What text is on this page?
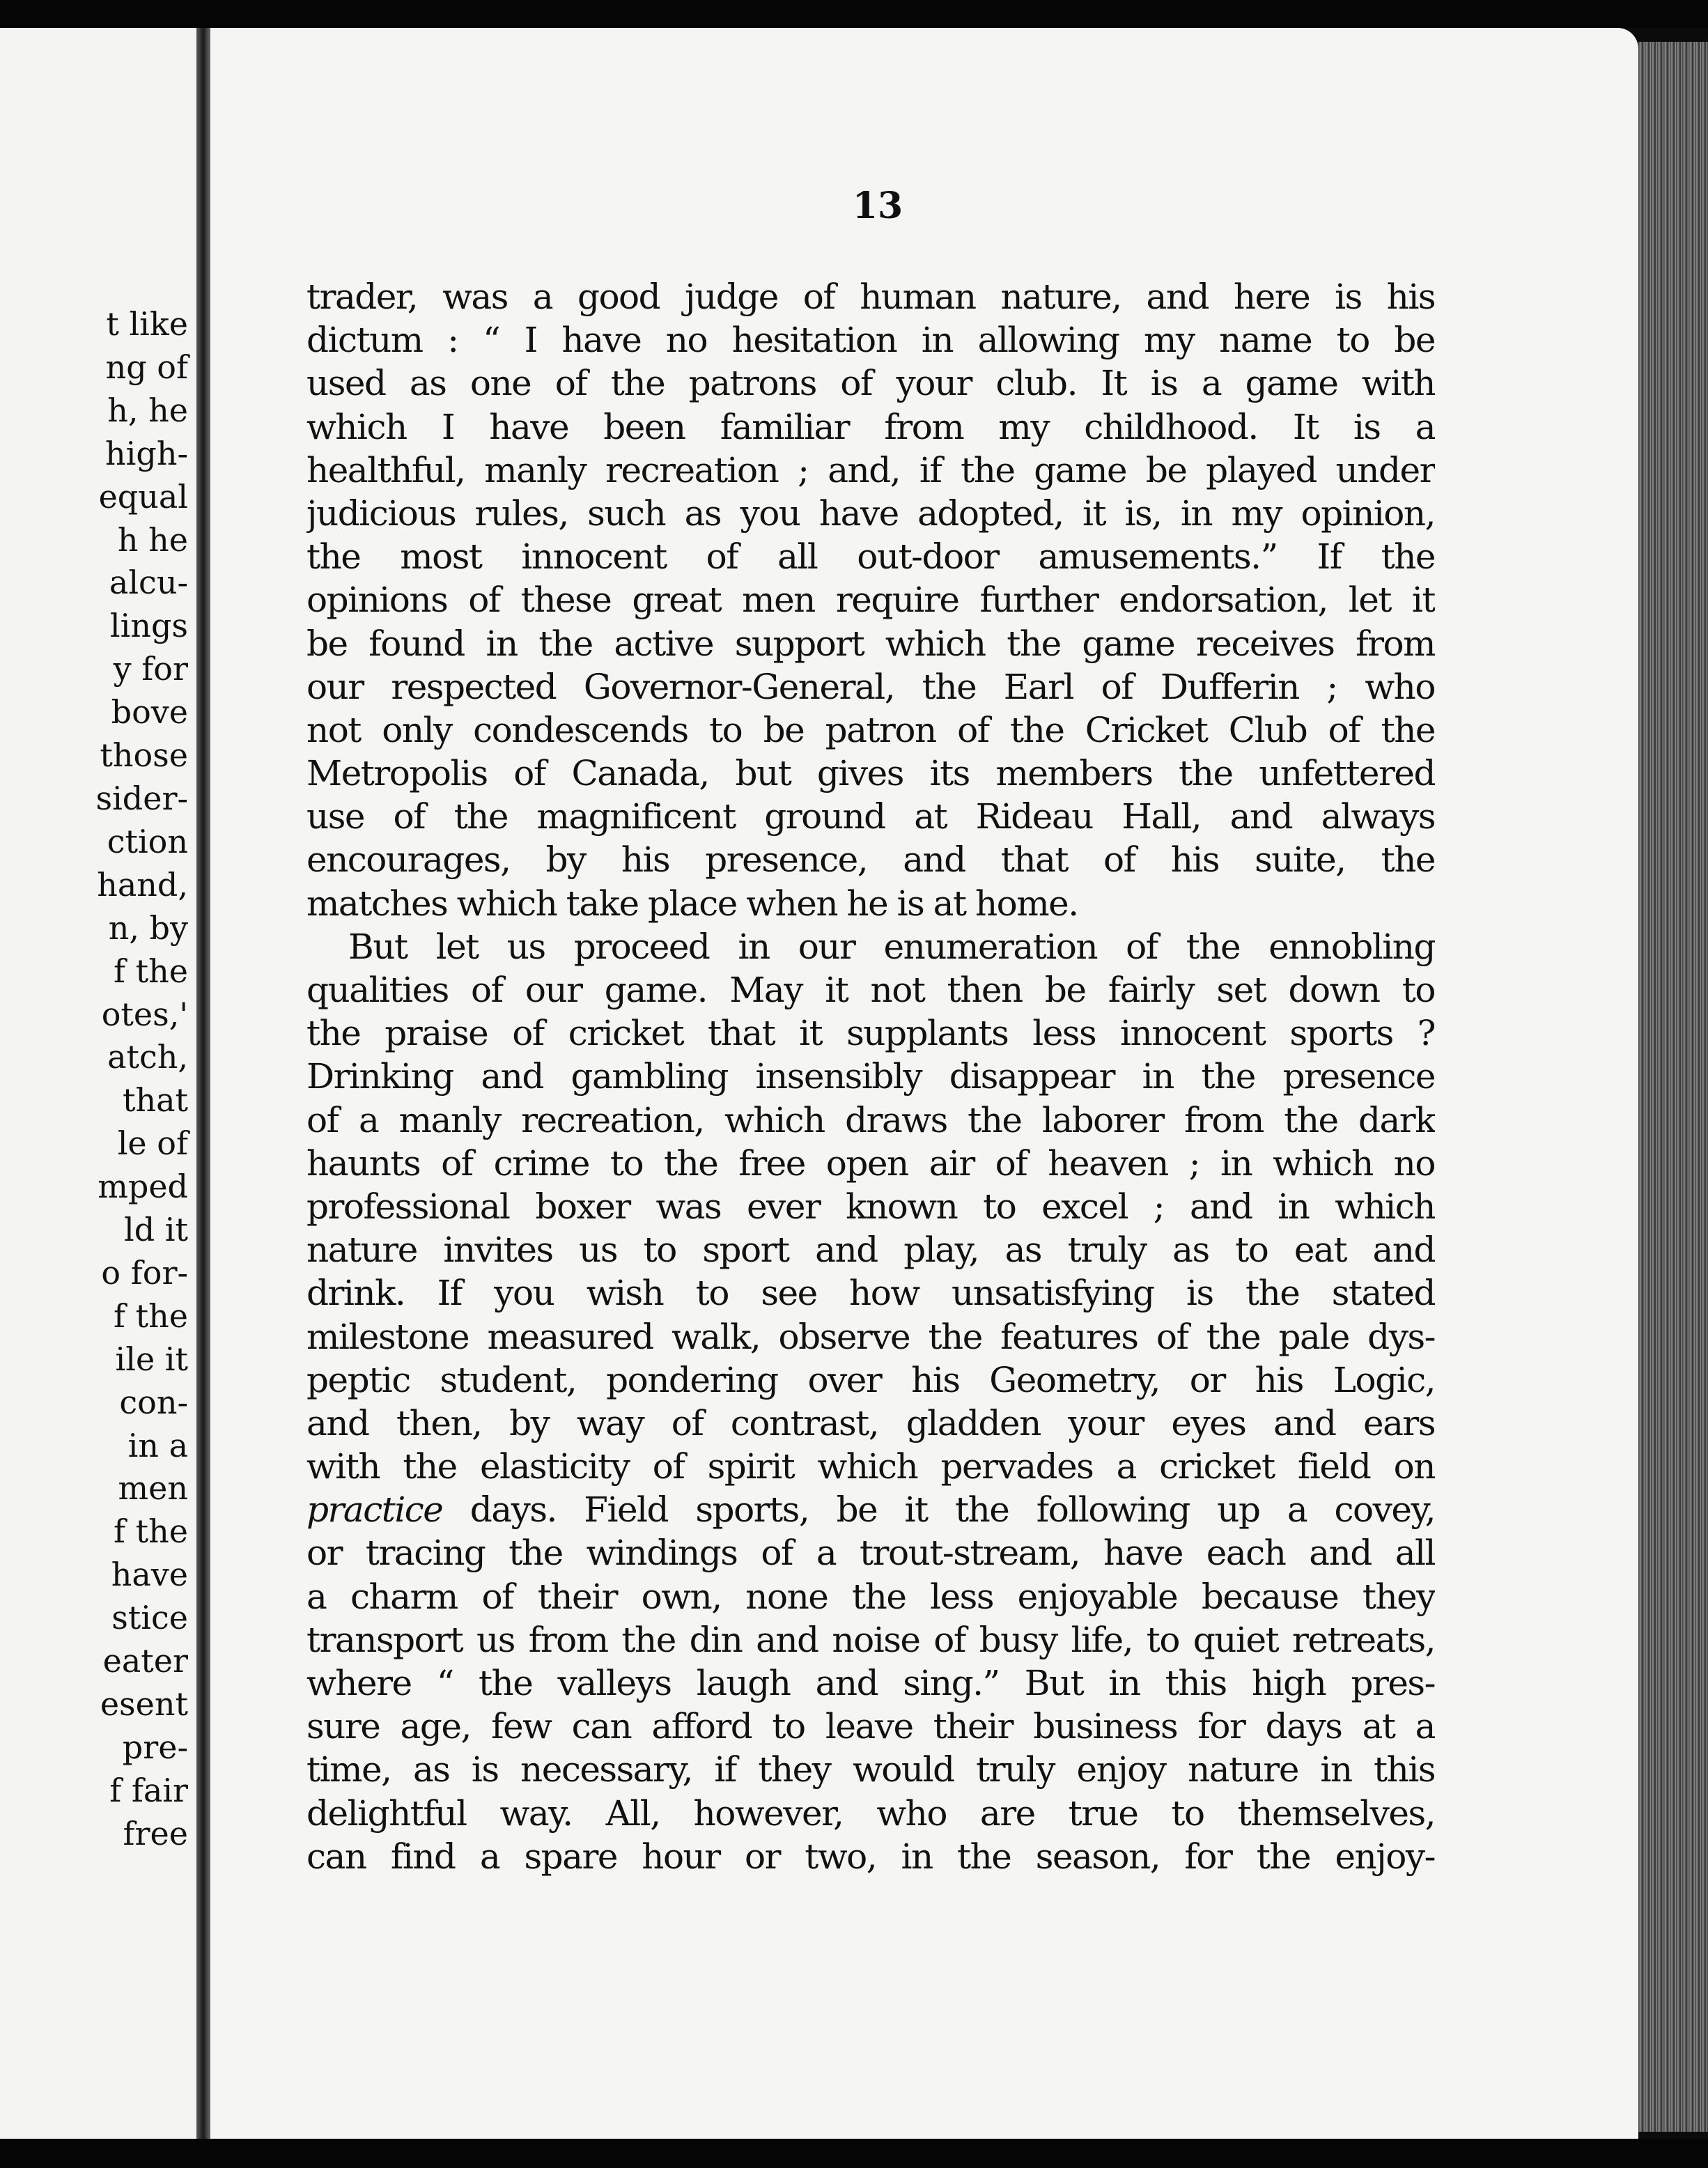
t like
ng of
h, he
high-
equal
h he
alcu-
lings
y for
bove
those
sider-
ction
hand,
n, by
f the
otes,'
atch,
that
le of
mped
ld it
o for-
f the
ile it
con-
in a
men
f the
have
stice
eater
esent
pre-
f fair
free
13
trader, was a good judge of human nature, and here is his
dictum : “ I have no hesitation in allowing my name to be
used as one of the patrons of your club. It is a game with
which I have been familiar from my childhood. It is a
healthful, manly recreation ; and, if the game be played under
judicious rules, such as you have adopted, it is, in my opinion,
the most innocent of all out-door amusements.” If the
opinions of these great men require further endorsation, let it
be found in the active support which the game receives from
our respected Governor-General, the Earl of Dufferin ; who
not only condescends to be patron of the Cricket Club of the
Metropolis of Canada, but gives its members the unfettered
use of the magnificent ground at Rideau Hall, and always
encourages, by his presence, and that of his suite, the
matches which take place when he is at home.
But let us proceed in our enumeration of the ennobling
qualities of our game. May it not then be fairly set down to
the praise of cricket that it supplants less innocent sports ?
Drinking and gambling insensibly disappear in the presence
of a manly recreation, which draws the laborer from the dark
haunts of crime to the free open air of heaven ; in which no
professional boxer was ever known to excel ; and in which
nature invites us to sport and play, as truly as to eat and
drink. If you wish to see how unsatisfying is the stated
milestone measured walk, observe the features of the pale dys-
peptic student, pondering over his Geometry, or his Logic,
and then, by way of contrast, gladden your eyes and ears
with the elasticity of spirit which pervades a cricket field on
practice days. Field sports, be it the following up a covey,
or tracing the windings of a trout-stream, have each and all
a charm of their own, none the less enjoyable because they
transport us from the din and noise of busy life, to quiet retreats,
where “ the valleys laugh and sing.” But in this high pres-
sure age, few can afford to leave their business for days at a
time, as is necessary, if they would truly enjoy nature in this
delightful way. All, however, who are true to themselves,
can find a spare hour or two, in the season, for the enjoy-
